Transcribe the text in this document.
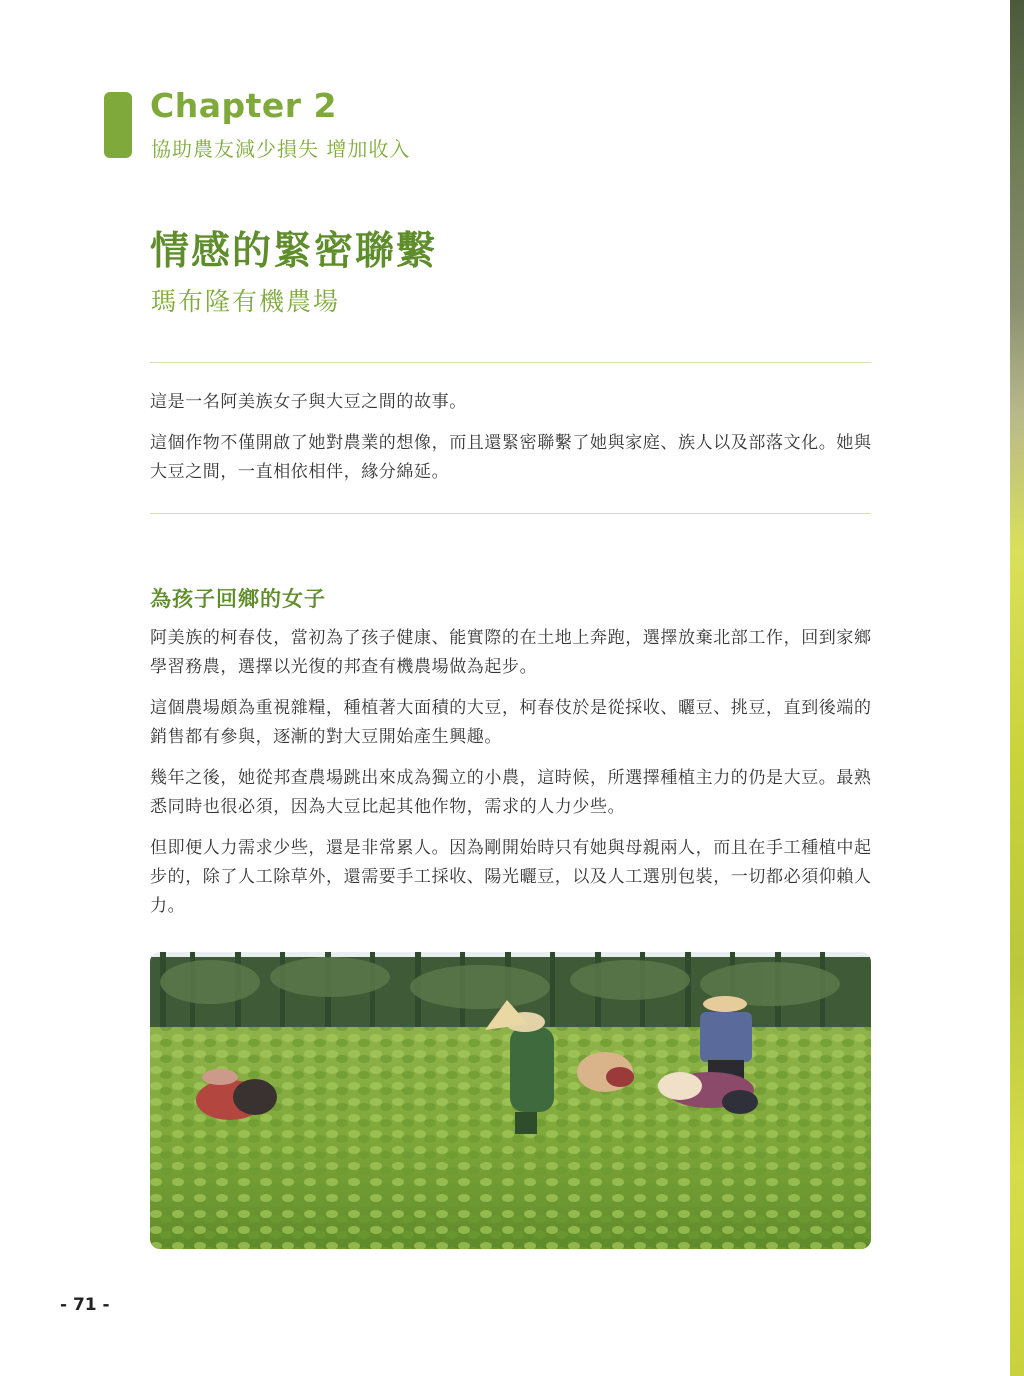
Chapter 2
協助農友減少損失 增加收入
情感的緊密聯繫
瑪布隆有機農場

這是一名阿美族女子與大豆之間的故事。

這個作物不僅開啟了她對農業的想像，而且還緊密聯繫了她與家庭、族人以及部落文化。她與大豆之間，一直相依相伴，緣分綿延。

為孩子回鄉的女子

阿美族的柯春伎，當初為了孩子健康、能實際的在土地上奔跑，選擇放棄北部工作，回到家鄉學習務農，選擇以光復的邦查有機農場做為起步。

這個農場頗為重視雜糧，種植著大面積的大豆，柯春伎於是從採收、曬豆、挑豆，直到後端的銷售都有參與，逐漸的對大豆開始產生興趣。

幾年之後，她從邦查農場跳出來成為獨立的小農，這時候，所選擇種植主力的仍是大豆。最熟悉同時也很必須，因為大豆比起其他作物，需求的人力少些。

但即便人力需求少些，還是非常累人。因為剛開始時只有她與母親兩人，而且在手工種植中起步的，除了人工除草外，還需要手工採收、陽光曬豆，以及人工選別包裝，一切都必須仰賴人力。

- 71 -
